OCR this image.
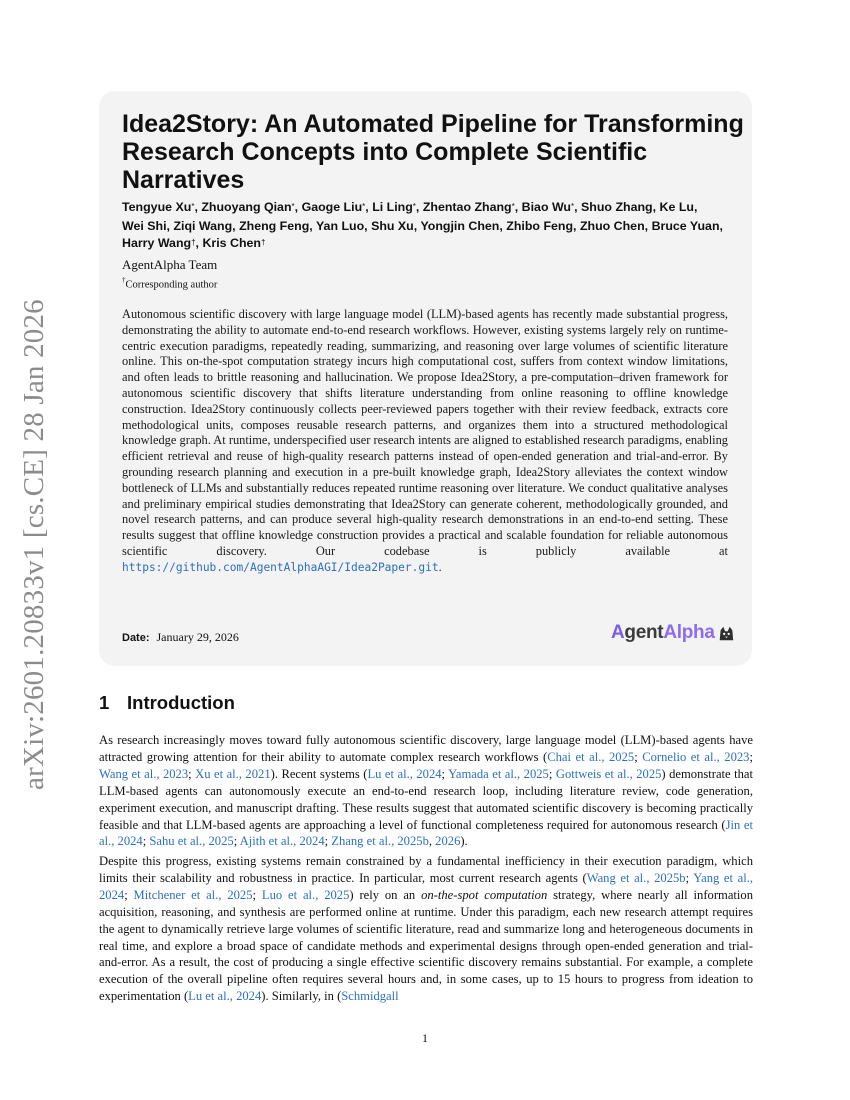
arXiv:2601.20833v1 [cs.CE] 28 Jan 2026
Idea2Story: An Automated Pipeline for Transforming Research Concepts into Complete Scientific Narratives
Tengyue Xu*, Zhuoyang Qian*, Gaoge Liu*, Li Ling*, Zhentao Zhang*, Biao Wu*, Shuo Zhang, Ke Lu, Wei Shi, Ziqi Wang, Zheng Feng, Yan Luo, Shu Xu, Yongjin Chen, Zhibo Feng, Zhuo Chen, Bruce Yuan, Harry Wang†, Kris Chen†
AgentAlpha Team
†Corresponding author
Autonomous scientific discovery with large language model (LLM)-based agents has recently made substantial progress, demonstrating the ability to automate end-to-end research workflows. However, existing systems largely rely on runtime-centric execution paradigms, repeatedly reading, summarizing, and reasoning over large volumes of scientific literature online. This on-the-spot computation strategy incurs high computational cost, suffers from context window limitations, and often leads to brittle reasoning and hallucination. We propose Idea2Story, a pre-computation–driven framework for autonomous scientific discovery that shifts literature understanding from online reasoning to offline knowledge construction. Idea2Story continuously collects peer-reviewed papers together with their review feedback, extracts core methodological units, composes reusable research patterns, and organizes them into a structured methodological knowledge graph. At runtime, underspecified user research intents are aligned to established research paradigms, enabling efficient retrieval and reuse of high-quality research patterns instead of open-ended generation and trial-and-error. By grounding research planning and execution in a pre-built knowledge graph, Idea2Story alleviates the context window bottleneck of LLMs and substantially reduces repeated runtime reasoning over literature. We conduct qualitative analyses and preliminary empirical studies demonstrating that Idea2Story can generate coherent, methodologically grounded, and novel research patterns, and can produce several high-quality research demonstrations in an end-to-end setting. These results suggest that offline knowledge construction provides a practical and scalable foundation for reliable autonomous scientific discovery. Our codebase is publicly available at https://github.com/AgentAlphaAGI/Idea2Paper.git.
Date: January 29, 2026	AgentAlpha
1 Introduction

As research increasingly moves toward fully autonomous scientific discovery, large language model (LLM)-based agents have attracted growing attention for their ability to automate complex research workflows (Chai et al., 2025; Cornelio et al., 2023; Wang et al., 2023; Xu et al., 2021). Recent systems (Lu et al., 2024; Yamada et al., 2025; Gottweis et al., 2025) demonstrate that LLM-based agents can autonomously execute an end-to-end research loop, including literature review, code generation, experiment execution, and manuscript drafting. These results suggest that automated scientific discovery is becoming practically feasible and that LLM-based agents are approaching a level of functional completeness required for autonomous research (Jin et al., 2024; Sahu et al., 2025; Ajith et al., 2024; Zhang et al., 2025b, 2026).

Despite this progress, existing systems remain constrained by a fundamental inefficiency in their execution paradigm, which limits their scalability and robustness in practice. In particular, most current research agents (Wang et al., 2025b; Yang et al., 2024; Mitchener et al., 2025; Luo et al., 2025) rely on an on-the-spot computation strategy, where nearly all information acquisition, reasoning, and synthesis are performed online at runtime. Under this paradigm, each new research attempt requires the agent to dynamically retrieve large volumes of scientific literature, read and summarize long and heterogeneous documents in real time, and explore a broad space of candidate methods and experimental designs through open-ended generation and trial-and-error. As a result, the cost of producing a single effective scientific discovery remains substantial. For example, a complete execution of the overall pipeline often requires several hours and, in some cases, up to 15 hours to progress from ideation to experimentation (Lu et al., 2024). Similarly, in (Schmidgall

1
